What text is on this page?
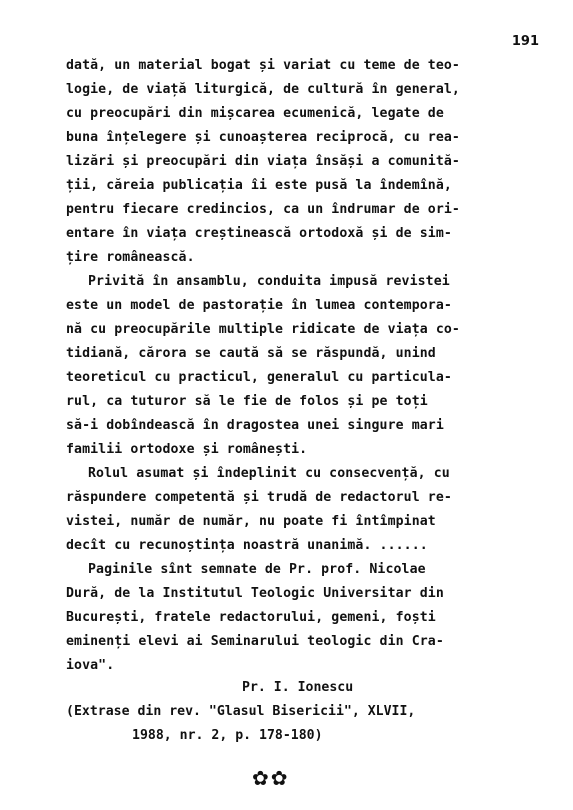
191
dată, un material bogat și variat cu teme de teo-
logie, de viață liturgică, de cultură în general,
cu preocupări din mișcarea ecumenică, legate de
buna înțelegere și cunoașterea reciprocă, cu rea-
lizări și preocupări din viața însăși a comunită-
ții, căreia publicația îi este pusă la îndemînă,
pentru fiecare credincios, ca un îndrumar de ori-
entare în viața creștinească ortodoxă și de sim-
țire românească.
Privită în ansamblu, conduita impusă revistei
este un model de pastorație în lumea contempora-
nă cu preocupările multiple ridicate de viața co-
tidiană, cărora se caută să se răspundă, unind
teoreticul cu practicul, generalul cu particula-
rul, ca tuturor să le fie de folos și pe toți
să-i dobîndească în dragostea unei singure mari
familii ortodoxe și românești.
Rolul asumat și îndeplinit cu consecvență, cu
răspundere competentă și trudă de redactorul re-
vistei, număr de număr, nu poate fi întîmpinat
decît cu recunoștința noastră unanimă. ......
Paginile sînt semnate de Pr. prof. Nicolae
Dură, de la Institutul Teologic Universitar din
București, fratele redactorului, gemeni, foști
eminenți elevi ai Seminarului teologic din Cra-
iova".
Pr. I. Ionescu
(Extrase din rev. "Glasul Bisericii", XLVII,
1988, nr. 2, p. 178-180)
✿✿
